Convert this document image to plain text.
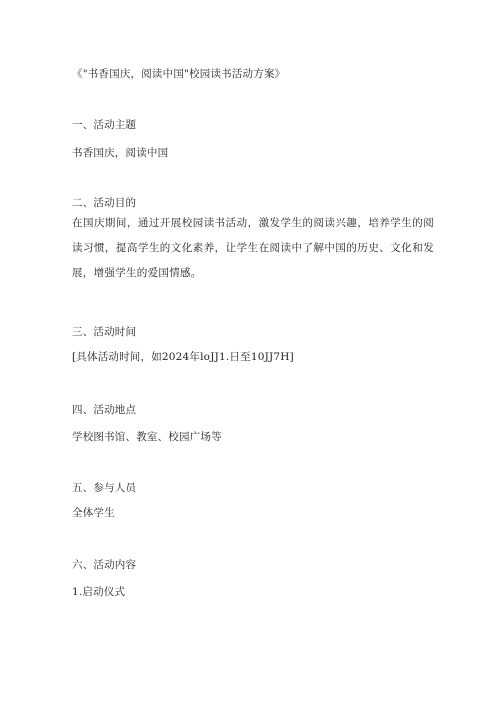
《"书香国庆，阅读中国"校园读书活动方案》
一、活动主题
书香国庆，阅读中国
二、活动目的
在国庆期间，通过开展校园读书活动，激发学生的阅读兴趣，培养学生的阅读习惯，提高学生的文化素养，让学生在阅读中了解中国的历史、文化和发展，增强学生的爱国情感。
三、活动时间
[具体活动时间，如2024年loJJ1.日至10JJ7H]
四、活动地点
学校图书馆、教室、校园广场等
五、参与人员
全体学生
六、活动内容
1.启动仪式
